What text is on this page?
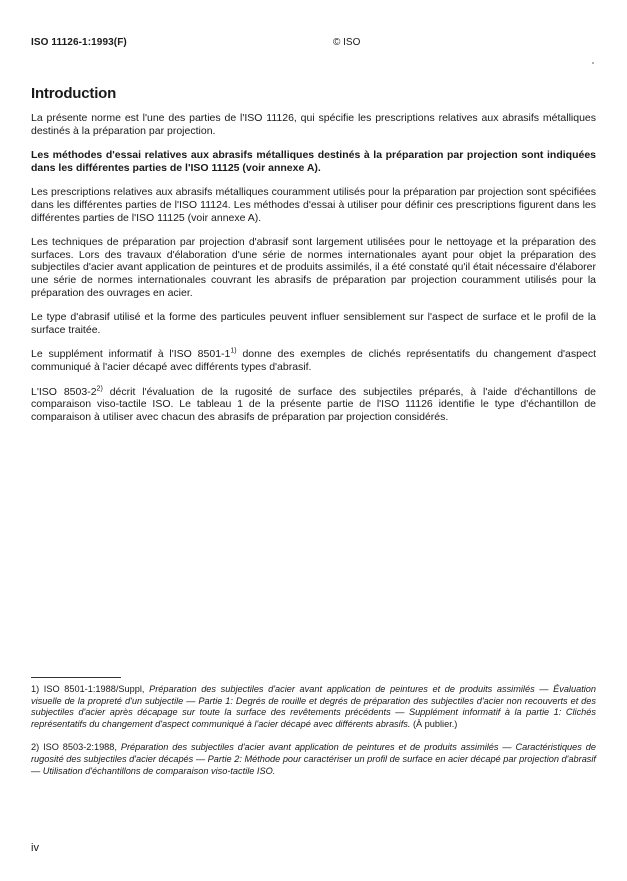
ISO 11126-1:1993(F)	© ISO
Introduction

La présente norme est l'une des parties de l'ISO 11126, qui spécifie les prescriptions relatives aux abrasifs métalliques destinés à la préparation par projection.

Les méthodes d'essai relatives aux abrasifs métalliques destinés à la préparation par projection sont indiquées dans les différentes parties de l'ISO 11125 (voir annexe A).

Les prescriptions relatives aux abrasifs métalliques couramment utilisés pour la préparation par projection sont spécifiées dans les différentes parties de l'ISO 11124. Les méthodes d'essai à utiliser pour définir ces prescriptions figurent dans les différentes parties de l'ISO 11125 (voir annexe A).

Les techniques de préparation par projection d'abrasif sont largement utilisées pour le nettoyage et la préparation des surfaces. Lors des travaux d'élaboration d'une série de normes internationales ayant pour objet la préparation des subjectiles d'acier avant application de peintures et de produits assimilés, il a été constaté qu'il était nécessaire d'élaborer une série de normes internationales couvrant les abrasifs de préparation par projection couramment utilisés pour la préparation des ouvrages en acier.

Le type d'abrasif utilisé et la forme des particules peuvent influer sensiblement sur l'aspect de surface et le profil de la surface traitée.

Le supplément informatif à l'ISO 8501-1$^{1)}$ donne des exemples de clichés représentatifs du changement d'aspect communiqué à l'acier décapé avec différents types d'abrasif.

L'ISO 8503-2$^{2)}$ décrit l'évaluation de la rugosité de surface des subjectiles préparés, à l'aide d'échantillons de comparaison viso-tactile ISO. Le tableau 1 de la présente partie de l'ISO 11126 identifie le type d'échantillon de comparaison à utiliser avec chacun des abrasifs de préparation par projection considérés.

1) ISO 8501-1:1988/Suppl, Préparation des subjectiles d'acier avant application de peintures et de produits assimilés — Évaluation visuelle de la propreté d'un subjectile — Partie 1: Degrés de rouille et degrés de préparation des subjectiles d'acier non recouverts et des subjectiles d'acier après décapage sur toute la surface des revêtements précédents — Supplément informatif à la partie 1: Clichés représentatifs du changement d'aspect communiqué à l'acier décapé avec différents abrasifs. (À publier.)

2) ISO 8503-2:1988, Préparation des subjectiles d'acier avant application de peintures et de produits assimilés — Caractéristiques de rugosité des subjectiles d'acier décapés — Partie 2: Méthode pour caractériser un profil de surface en acier décapé par projection d'abrasif — Utilisation d'échantillons de comparaison viso-tactile ISO.

iv
